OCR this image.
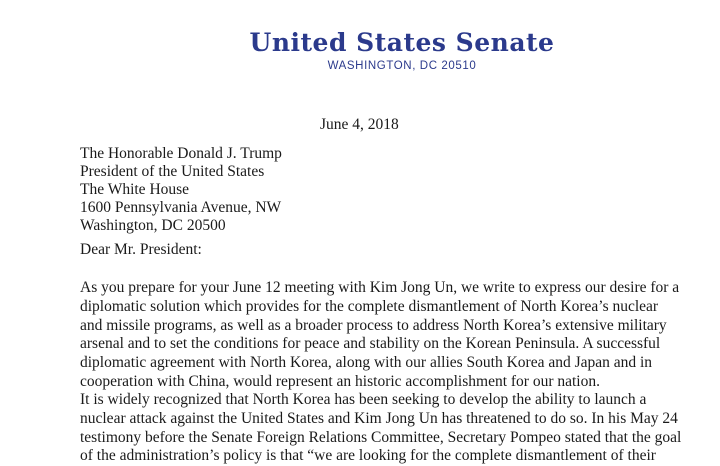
United States Senate
WASHINGTON, DC 20510
June 4, 2018
The Honorable Donald J. Trump
President of the United States
The White House
1600 Pennsylvania Avenue, NW
Washington, DC 20500
Dear Mr. President:
As you prepare for your June 12 meeting with Kim Jong Un, we write to express our desire for a
diplomatic solution which provides for the complete dismantlement of North Korea’s nuclear
and missile programs, as well as a broader process to address North Korea’s extensive military
arsenal and to set the conditions for peace and stability on the Korean Peninsula. A successful
diplomatic agreement with North Korea, along with our allies South Korea and Japan and in
cooperation with China, would represent an historic accomplishment for our nation.
It is widely recognized that North Korea has been seeking to develop the ability to launch a
nuclear attack against the United States and Kim Jong Un has threatened to do so. In his May 24
testimony before the Senate Foreign Relations Committee, Secretary Pompeo stated that the goal
of the administration’s policy is that “we are looking for the complete dismantlement of their
